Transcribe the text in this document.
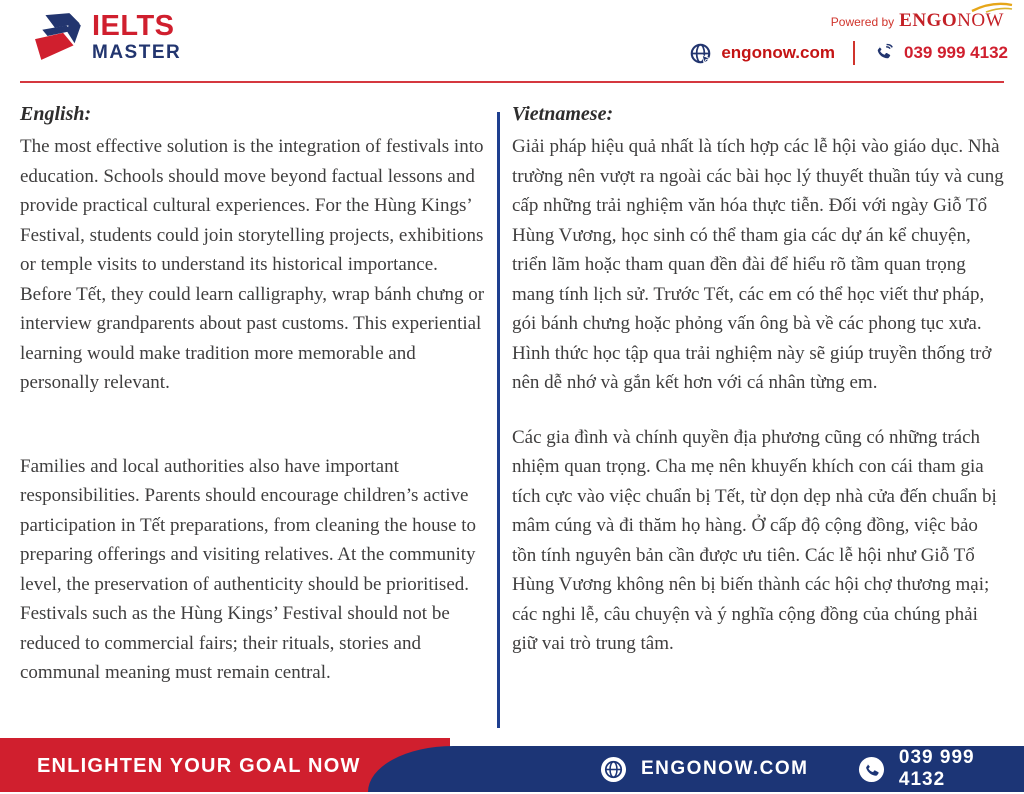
IELTS
MASTER
Powered by ENGONOW
engonow.com	039 999 4132
English:

The most effective solution is the integration of festivals into education. Schools should move beyond factual lessons and provide practical cultural experiences. For the Hùng Kings’ Festival, students could join storytelling projects, exhibitions or temple visits to understand its historical importance. Before Tết, they could learn calligraphy, wrap bánh chưng or interview grandparents about past customs. This experiential learning would make tradition more memorable and personally relevant.

Families and local authorities also have important responsibilities. Parents should encourage children’s active participation in Tết preparations, from cleaning the house to preparing offerings and visiting relatives. At the community level, the preservation of authenticity should be prioritised. Festivals such as the Hùng Kings’ Festival should not be reduced to commercial fairs; their rituals, stories and communal meaning must remain central.

Vietnamese:

Giải pháp hiệu quả nhất là tích hợp các lễ hội vào giáo dục. Nhà trường nên vượt ra ngoài các bài học lý thuyết thuần túy và cung cấp những trải nghiệm văn hóa thực tiễn. Đối với ngày Giỗ Tổ Hùng Vương, học sinh có thể tham gia các dự án kể chuyện, triển lãm hoặc tham quan đền đài để hiểu rõ tầm quan trọng mang tính lịch sử. Trước Tết, các em có thể học viết thư pháp, gói bánh chưng hoặc phỏng vấn ông bà về các phong tục xưa. Hình thức học tập qua trải nghiệm này sẽ giúp truyền thống trở nên dễ nhớ và gắn kết hơn với cá nhân từng em.

Các gia đình và chính quyền địa phương cũng có những trách nhiệm quan trọng. Cha mẹ nên khuyến khích con cái tham gia tích cực vào việc chuẩn bị Tết, từ dọn dẹp nhà cửa đến chuẩn bị mâm cúng và đi thăm họ hàng. Ở cấp độ cộng đồng, việc bảo tồn tính nguyên bản cần được ưu tiên. Các lễ hội như Giỗ Tổ Hùng Vương không nên bị biến thành các hội chợ thương mại; các nghi lễ, câu chuyện và ý nghĩa cộng đồng của chúng phải giữ vai trò trung tâm.

ENLIGHTEN YOUR GOAL NOW	ENGONOW.COM
039 999 4132
